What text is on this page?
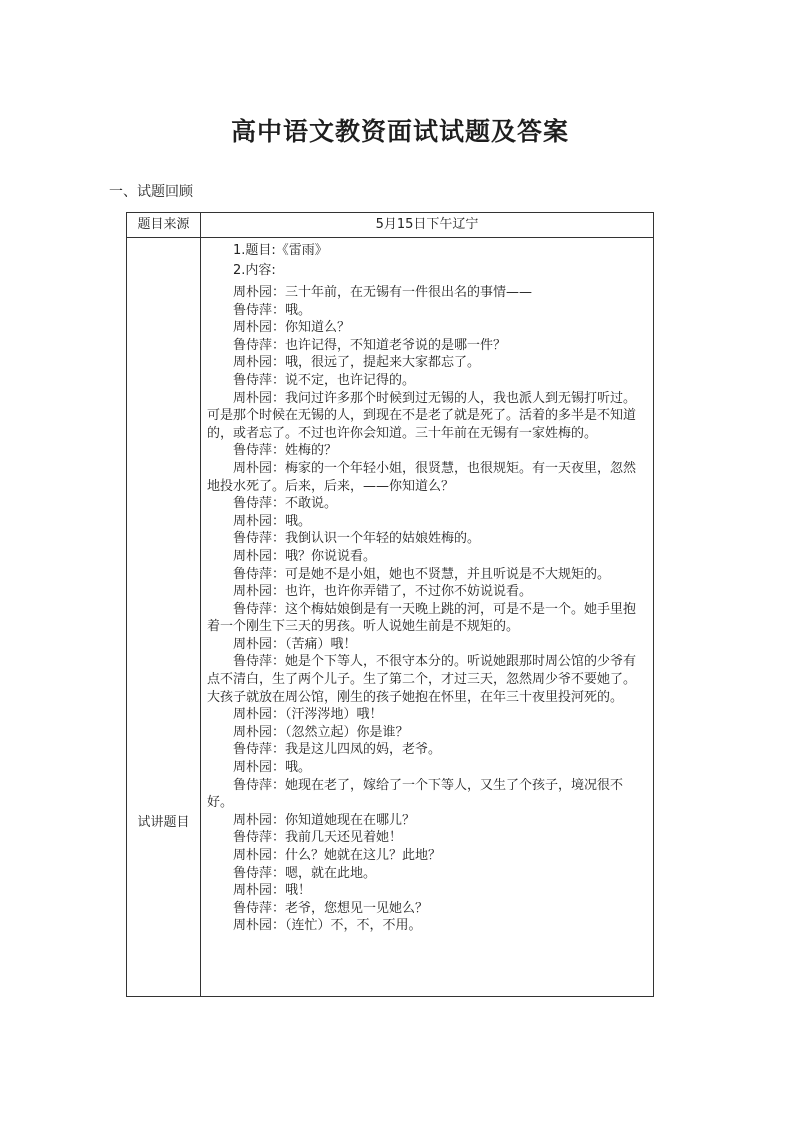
高中语文教资面试试题及答案
一、试题回顾
题目来源	5月15日下午辽宁
试讲题目

1.题目:《雷雨》

2.内容:

周朴园：三十年前，在无锡有一件很出名的事情——

鲁侍萍：哦。

周朴园：你知道么？

鲁侍萍：也许记得，不知道老爷说的是哪一件？

周朴园：哦，很远了，提起来大家都忘了。

鲁侍萍：说不定，也许记得的。

周朴园：我问过许多那个时候到过无锡的人，我也派人到无锡打听过。可是那个时候在无锡的人，到现在不是老了就是死了。活着的多半是不知道的，或者忘了。不过也许你会知道。三十年前在无锡有一家姓梅的。

鲁侍萍：姓梅的？

周朴园：梅家的一个年轻小姐，很贤慧，也很规矩。有一天夜里，忽然地投水死了。后来，后来，——你知道么？

鲁侍萍：不敢说。

周朴园：哦。

鲁侍萍：我倒认识一个年轻的姑娘姓梅的。

周朴园：哦？你说说看。

鲁侍萍：可是她不是小姐，她也不贤慧，并且听说是不大规矩的。

周朴园：也许，也许你弄错了，不过你不妨说说看。

鲁侍萍：这个梅姑娘倒是有一天晚上跳的河，可是不是一个。她手里抱着一个刚生下三天的男孩。听人说她生前是不规矩的。

周朴园：（苦痛）哦！

鲁侍萍：她是个下等人，不很守本分的。听说她跟那时周公馆的少爷有点不清白，生了两个儿子。生了第二个，才过三天，忽然周少爷不要她了。大孩子就放在周公馆，刚生的孩子她抱在怀里，在年三十夜里投河死的。

周朴园：（汗涔涔地）哦！

周朴园：（忽然立起）你是谁？

鲁侍萍：我是这儿四凤的妈，老爷。

周朴园：哦。

鲁侍萍：她现在老了，嫁给了一个下等人，又生了个孩子，境况很不好。

周朴园：你知道她现在在哪儿？

鲁侍萍：我前几天还见着她！

周朴园：什么？她就在这儿？此地？

鲁侍萍：嗯，就在此地。

周朴园：哦！

鲁侍萍：老爷，您想见一见她么？

周朴园：（连忙）不，不，不用。
